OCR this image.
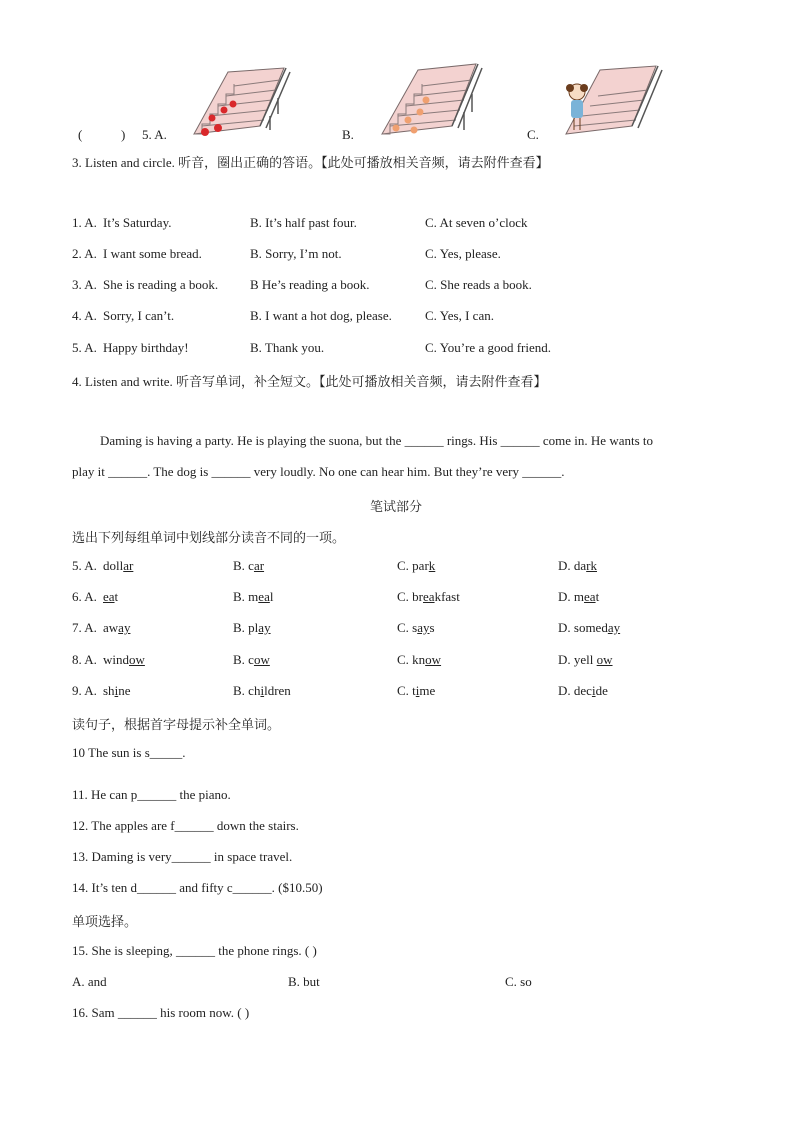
(	) 5. A.	B.	C.
3. Listen and circle. 听音，圈出正确的答语。【此处可播放相关音频，请去附件查看】
1. A. It’s Saturday.	B. It’s half past four.	C. At seven o’clock
2. A. I want some bread.	B. Sorry, I’m not.	C. Yes, please.
3. A. She is reading a book. B He’s reading a book.	C. She reads a book.
4. A. Sorry, I can’t.	B. I want a hot dog, please.	C. Yes, I can.
5. A. Happy birthday!	B. Thank you.	C. You’re a good friend.
4. Listen and write. 听音写单词，补全短文。【此处可播放相关音频，请去附件查看】
Daming is having a party. He is playing the suona, but the ______ rings. His ______ come in. He wants to
play it ______. The dog is ______ very loudly. No one can hear him. But they’re very ______.
笔试部分
选出下列每组单词中划线部分读音不同的一项。
5. A. dollar	B. car	C. park	D. dark
6. A. eat	B. meal	C. breakfast	D. meat
7. A. away	B. play	C. says	D. someday
8. A. window	B. cow	C. know	D. yell ow
9. A. shine	B. children	C. time	D. decide
读句子，根据首字母提示补全单词。
10 The sun is s_____.
11. He can p______ the piano.
12. The apples are f______ down the stairs.
13. Daming is very______ in space travel.
14. It’s ten d______ and fifty c______. ($10.50)
单项选择。
15. She is sleeping, ______ the phone rings. ( )
A. and	B. but	C. so
16. Sam ______ his room now. ( )
